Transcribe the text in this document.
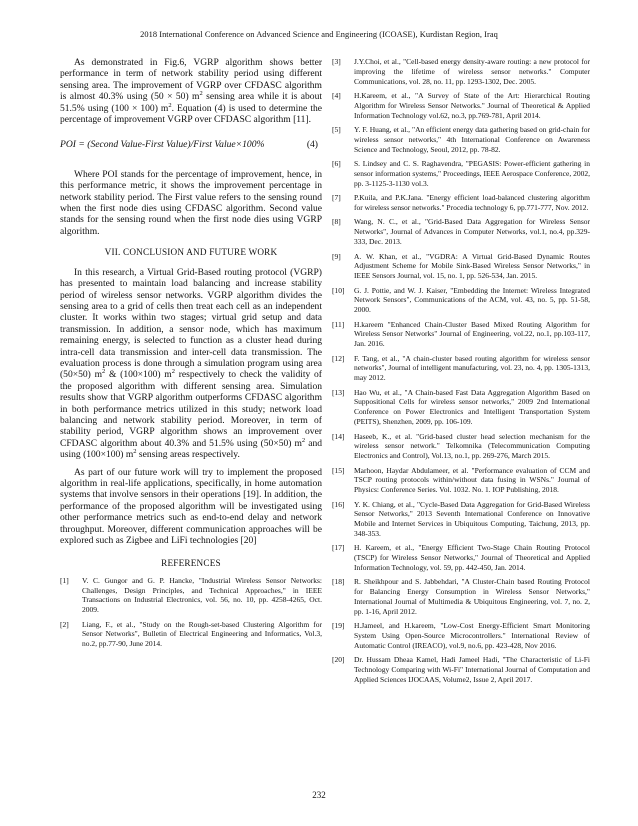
2018 International Conference on Advanced Science and Engineering (ICOASE), Kurdistan Region, Iraq

As demonstrated in Fig.6, VGRP algorithm shows better performance in term of network stability period using different sensing area. The improvement of VGRP over CFDASC algorithm is almost 40.3% using (50 × 50) $m^2$ sensing area while it is about 51.5% using (100 × 100) $m^2$. Equation (4) is used to determine the percentage of improvement VGRP over CFDASC algorithm [11].

POI = (Second Value-First Value)/First Value×100%	(4)

Where POI stands for the percentage of improvement, hence, in this performance metric, it shows the improvement percentage in network stability period. The First value refers to the sensing round when the first node dies using CFDASC algorithm. Second value stands for the sensing round when the first node dies using VGRP algorithm.

VII. CONCLUSION AND FUTURE WORK

In this research, a Virtual Grid-Based routing protocol (VGRP) has presented to maintain load balancing and increase stability period of wireless sensor networks. VGRP algorithm divides the sensing area to a grid of cells then treat each cell as an independent cluster. It works within two stages; virtual grid setup and data transmission. In addition, a sensor node, which has maximum remaining energy, is selected to function as a cluster head during intra-cell data transmission and inter-cell data transmission. The evaluation process is done through a simulation program using area (50×50) $m^2$ & (100×100) $m^2$ respectively to check the validity of the proposed algorithm with different sensing area. Simulation results show that VGRP algorithm outperforms CFDASC algorithm in both performance metrics utilized in this study; network load balancing and network stability period. Moreover, in term of stability period, VGRP algorithm shows an improvement over CFDASC algorithm about 40.3% and 51.5% using (50×50) $m^2$ and using (100×100) $m^2$ sensing areas respectively.

As part of our future work will try to implement the proposed algorithm in real-life applications, specifically, in home automation systems that involve sensors in their operations [19]. In addition, the performance of the proposed algorithm will be investigated using other performance metrics such as end-to-end delay and network throughput. Moreover, different communication approaches will be explored such as Zigbee and LiFi technologies [20]

REFERENCES
[1]	V. C. Gungor and G. P. Hancke, "Industrial Wireless Sensor Networks: Challenges, Design Principles, and Technical Approaches," in IEEE Transactions on Industrial Electronics, vol. 56, no. 10, pp. 4258-4265, Oct. 2009.
[2]	Liang, F., et al., "Study on the Rough-set-based Clustering Algorithm for Sensor Networks", Bulletin of Electrical Engineering and Informatics, Vol.3, no.2, pp.77-90, June 2014.
[3]	J.Y.Choi, et al., "Cell-based energy density-aware routing: a new protocol for improving the lifetime of wireless sensor networks." Computer Communications, vol. 28, no. 11, pp. 1293-1302, Dec. 2005.
[4]	H.Kareem, et al., "A Survey of State of the Art: Hierarchical Routing Algorithm for Wireless Sensor Networks." Journal of Theoretical & Applied Information Technology vol.62, no.3, pp.769-781, April 2014.
[5]	Y. F. Huang, et al., "An efficient energy data gathering based on grid-chain for wireless sensor networks," 4th International Conference on Awareness Science and Technology, Seoul, 2012, pp. 78-82.
[6]	S. Lindsey and C. S. Raghavendra, "PEGASIS: Power-efficient gathering in sensor information systems," Proceedings, IEEE Aerospace Conference, 2002, pp. 3-1125-3-1130 vol.3.
[7]	P.Kuila, and P.K.Jana. "Energy efficient load-balanced clustering algorithm for wireless sensor networks." Procedia technology 6, pp.771-777, Nov. 2012.
[8]	Wang, N. C., et al., "Grid-Based Data Aggregation for Wireless Sensor Networks", Journal of Advances in Computer Networks, vol.1, no.4, pp.329-333, Dec. 2013.
[9]	A. W. Khan, et al., "VGDRA: A Virtual Grid-Based Dynamic Routes Adjustment Scheme for Mobile Sink-Based Wireless Sensor Networks," in IEEE Sensors Journal, vol. 15, no. 1, pp. 526-534, Jan. 2015.
[10]	G. J. Pottie, and W. J. Kaiser, "Embedding the Internet: Wireless Integrated Network Sensors", Communications of the ACM, vol. 43, no. 5, pp. 51-58, 2000.
[11]	H.kareem "Enhanced Chain-Cluster Based Mixed Routing Algorithm for Wireless Sensor Networks" Journal of Engineering, vol.22, no.1, pp.103-117, Jan. 2016.
[12]	F. Tang, et al., "A chain-cluster based routing algorithm for wireless sensor networks", Journal of intelligent manufacturing, vol. 23, no. 4, pp. 1305-1313, may 2012.
[13]	Hao Wu, et al., "A Chain-based Fast Data Aggregation Algorithm Based on Suppositional Cells for wireless sensor networks," 2009 2nd International Conference on Power Electronics and Intelligent Transportation System (PEITS), Shenzhen, 2009, pp. 106-109.
[14]	Haseeb, K., et al. "Grid-based cluster head selection mechanism for the wireless sensor network." Telkomnika (Telecommunication Computing Electronics and Control), Vol.13, no.1, pp. 269-276, March 2015.
[15]	Marhoon, Haydar Abdulameer, et al. "Performance evaluation of CCM and TSCP routing protocols within/without data fusing in WSNs." Journal of Physics: Conference Series. Vol. 1032. No. 1. IOP Publishing, 2018.
[16]	Y. K. Chiang, et al., "Cycle-Based Data Aggregation for Grid-Based Wireless Sensor Networks," 2013 Seventh International Conference on Innovative Mobile and Internet Services in Ubiquitous Computing, Taichung, 2013, pp. 348-353.
[17]	H. Kareem, et al., "Energy Efficient Two-Stage Chain Routing Protocol (TSCP) for Wireless Sensor Networks," Journal of Theoretical and Applied Information Technology, vol. 59, pp. 442-450, Jan. 2014.
[18]	R. Sheikhpour and S. Jabbehdari, "A Cluster-Chain based Routing Protocol for Balancing Energy Consumption in Wireless Sensor Networks," International Journal of Multimedia & Ubiquitous Engineering, vol. 7, no. 2, pp. 1-16, April 2012.
[19]	H.Jameel, and H.kareem, "Low-Cost Energy-Efficient Smart Monitoring System Using Open-Source Microcontrollers." International Review of Automatic Control (IREACO), vol.9, no.6, pp. 423-428, Nov 2016.
[20]	Dr. Hussam Dheaa Kamel, Hadi Jameel Hadi, "The Characteristic of Li-Fi Technology Comparing with Wi-Fi" International Journal of Computation and Applied Sciences IJOCAAS, Volume2, Issue 2, April 2017.
232
